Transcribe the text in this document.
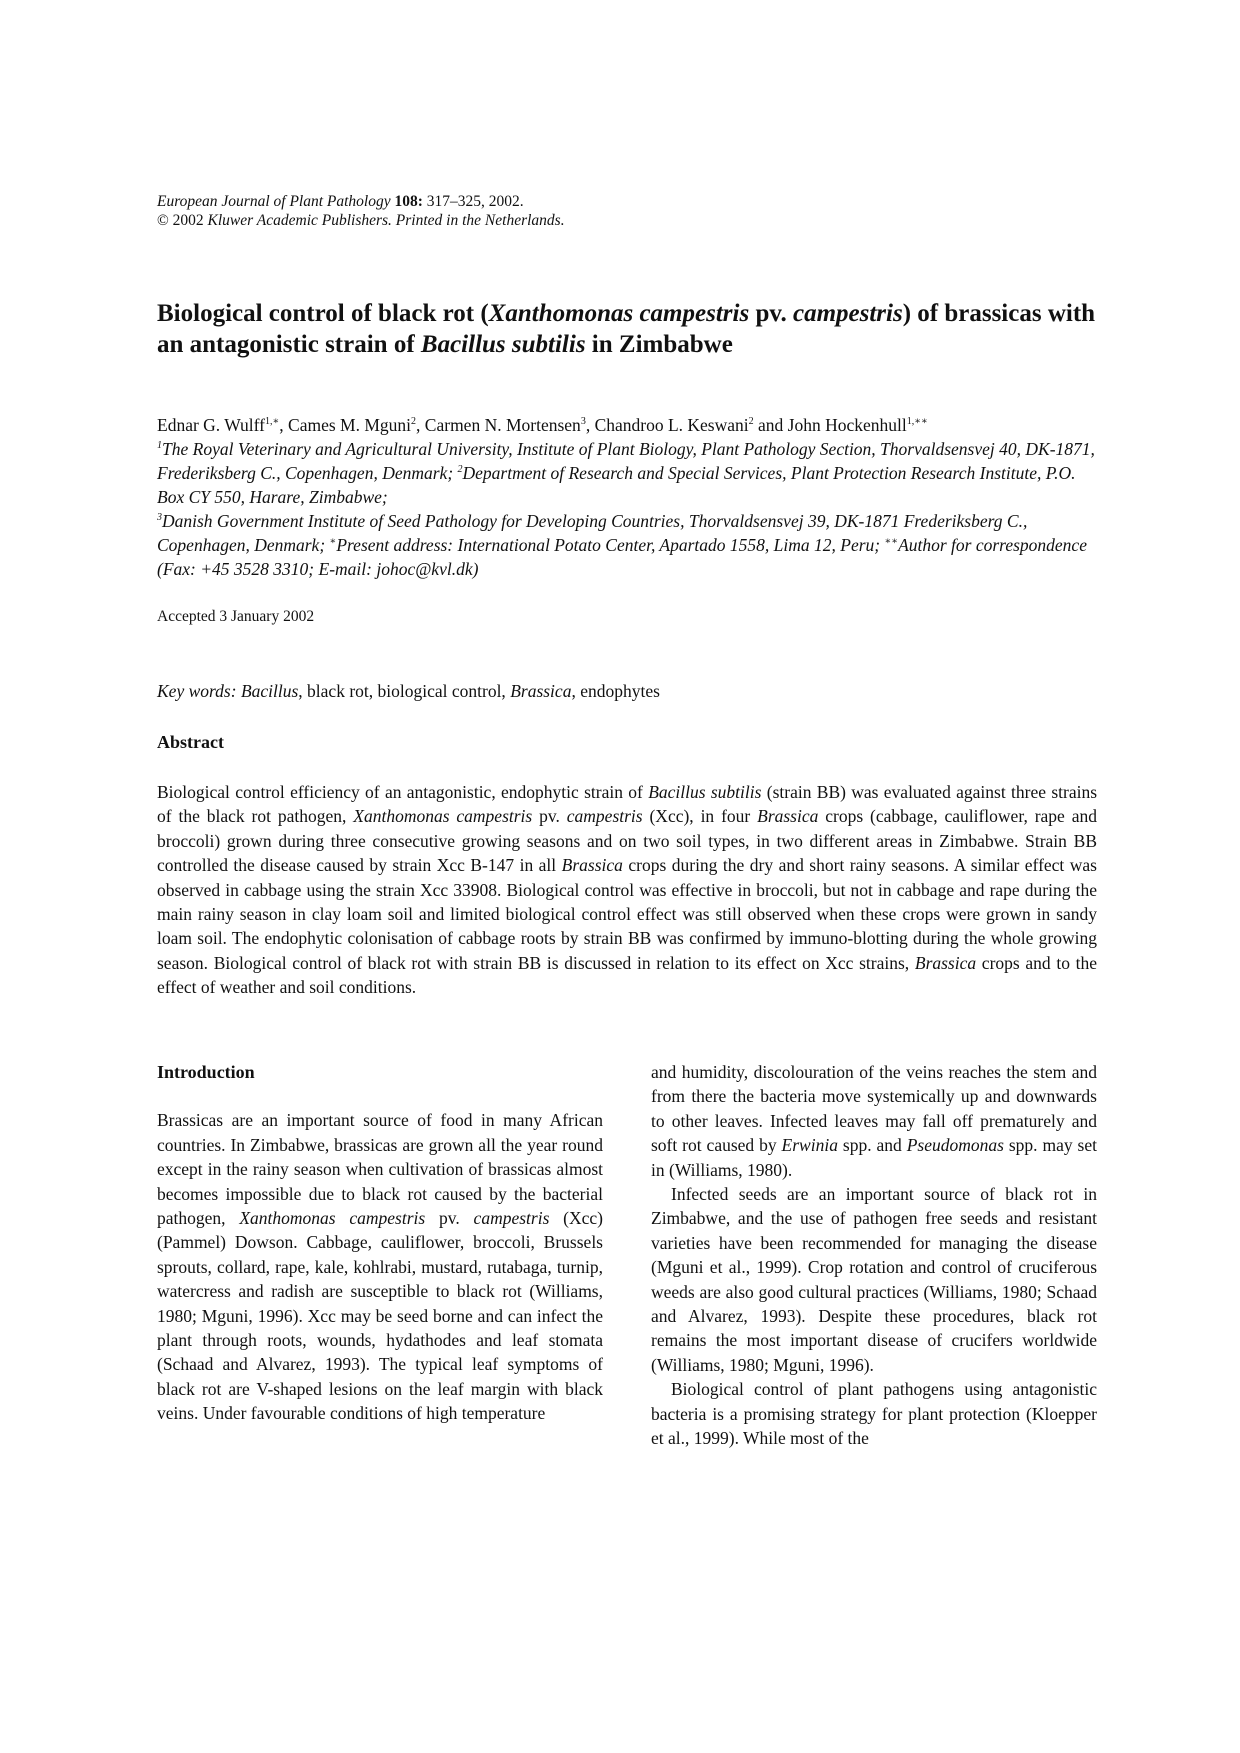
European Journal of Plant Pathology 108: 317–325, 2002.
© 2002 Kluwer Academic Publishers. Printed in the Netherlands.
Biological control of black rot (Xanthomonas campestris pv. campestris) of brassicas with an antagonistic strain of Bacillus subtilis in Zimbabwe
Ednar G. Wulff$^{1,∗}$, Cames M. Mguni$^2$, Carmen N. Mortensen$^3$, Chandroo L. Keswani$^2$ and John Hockenhull$^{1,∗∗}$
$^1$The Royal Veterinary and Agricultural University, Institute of Plant Biology, Plant Pathology Section, Thorvaldsensvej 40, DK-1871, Frederiksberg C., Copenhagen, Denmark; $^2$Department of Research and Special Services, Plant Protection Research Institute, P.O. Box CY 550, Harare, Zimbabwe;
$^3$Danish Government Institute of Seed Pathology for Developing Countries, Thorvaldsensvej 39, DK-1871 Frederiksberg C., Copenhagen, Denmark; ∗Present address: International Potato Center, Apartado 1558, Lima 12, Peru; ∗∗Author for correspondence (Fax: +45 3528 3310; E-mail: johoc@kvl.dk)
Accepted 3 January 2002
Key words: Bacillus, black rot, biological control, Brassica, endophytes
Abstract
Biological control efficiency of an antagonistic, endophytic strain of Bacillus subtilis (strain BB) was evaluated against three strains of the black rot pathogen, Xanthomonas campestris pv. campestris (Xcc), in four Brassica crops (cabbage, cauliflower, rape and broccoli) grown during three consecutive growing seasons and on two soil types, in two different areas in Zimbabwe. Strain BB controlled the disease caused by strain Xcc B-147 in all Brassica crops during the dry and short rainy seasons. A similar effect was observed in cabbage using the strain Xcc 33908. Biological control was effective in broccoli, but not in cabbage and rape during the main rainy season in clay loam soil and limited biological control effect was still observed when these crops were grown in sandy loam soil. The endophytic colonisation of cabbage roots by strain BB was confirmed by immuno-blotting during the whole growing season. Biological control of black rot with strain BB is discussed in relation to its effect on Xcc strains, Brassica crops and to the effect of weather and soil conditions.

Introduction

Brassicas are an important source of food in many African countries. In Zimbabwe, brassicas are grown all the year round except in the rainy season when cultivation of brassicas almost becomes impossible due to black rot caused by the bacterial pathogen, Xanthomonas campestris pv. campestris (Xcc) (Pammel) Dowson. Cabbage, cauliflower, broccoli, Brussels sprouts, collard, rape, kale, kohlrabi, mustard, rutabaga, turnip, watercress and radish are susceptible to black rot (Williams, 1980; Mguni, 1996). Xcc may be seed borne and can infect the plant through roots, wounds, hydathodes and leaf stomata (Schaad and Alvarez, 1993). The typical leaf symptoms of black rot are V-shaped lesions on the leaf margin with black veins. Under favourable conditions of high temperature

and humidity, discolouration of the veins reaches the stem and from there the bacteria move systemically up and downwards to other leaves. Infected leaves may fall off prematurely and soft rot caused by Erwinia spp. and Pseudomonas spp. may set in (Williams, 1980).

Infected seeds are an important source of black rot in Zimbabwe, and the use of pathogen free seeds and resistant varieties have been recommended for managing the disease (Mguni et al., 1999). Crop rotation and control of cruciferous weeds are also good cultural practices (Williams, 1980; Schaad and Alvarez, 1993). Despite these procedures, black rot remains the most important disease of crucifers worldwide (Williams, 1980; Mguni, 1996).

Biological control of plant pathogens using antagonistic bacteria is a promising strategy for plant protection (Kloepper et al., 1999). While most of the
